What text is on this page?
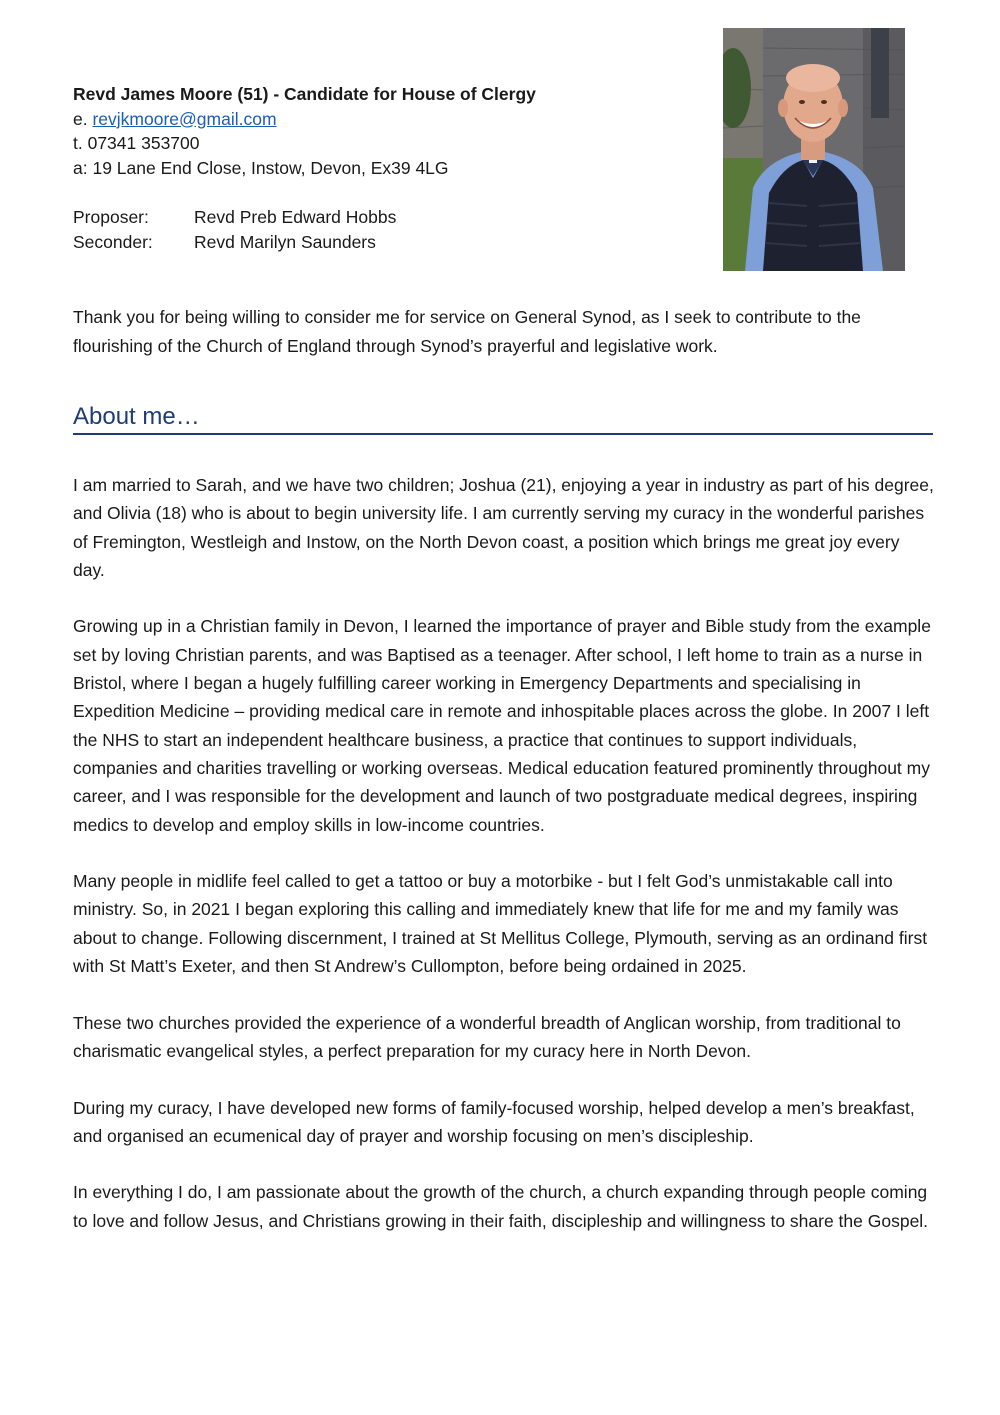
Revd James Moore (51) - Candidate for House of Clergy
e. revjkmoore@gmail.com
t. 07341 353700
a: 19 Lane End Close, Instow, Devon, Ex39 4LG
Proposer:	Revd Preb Edward Hobbs
Seconder:	Revd Marilyn Saunders
Thank you for being willing to consider me for service on General Synod, as I seek to contribute to the flourishing of the Church of England through Synod’s prayerful and legislative work.
About me…

I am married to Sarah, and we have two children; Joshua (21), enjoying a year in industry as part of his degree, and Olivia (18) who is about to begin university life. I am currently serving my curacy in the wonderful parishes of Fremington, Westleigh and Instow, on the North Devon coast, a position which brings me great joy every day.

Growing up in a Christian family in Devon, I learned the importance of prayer and Bible study from the example set by loving Christian parents, and was Baptised as a teenager. After school, I left home to train as a nurse in Bristol, where I began a hugely fulfilling career working in Emergency Departments and specialising in Expedition Medicine – providing medical care in remote and inhospitable places across the globe. In 2007 I left the NHS to start an independent healthcare business, a practice that continues to support individuals, companies and charities travelling or working overseas. Medical education featured prominently throughout my career, and I was responsible for the development and launch of two postgraduate medical degrees, inspiring medics to develop and employ skills in low-income countries.

Many people in midlife feel called to get a tattoo or buy a motorbike - but I felt God’s unmistakable call into ministry. So, in 2021 I began exploring this calling and immediately knew that life for me and my family was about to change. Following discernment, I trained at St Mellitus College, Plymouth, serving as an ordinand first with St Matt’s Exeter, and then St Andrew’s Cullompton, before being ordained in 2025.

These two churches provided the experience of a wonderful breadth of Anglican worship, from traditional to charismatic evangelical styles, a perfect preparation for my curacy here in North Devon.

During my curacy, I have developed new forms of family-focused worship, helped develop a men’s breakfast, and organised an ecumenical day of prayer and worship focusing on men’s discipleship.

In everything I do, I am passionate about the growth of the church, a church expanding through people coming to love and follow Jesus, and Christians growing in their faith, discipleship and willingness to share the Gospel.
